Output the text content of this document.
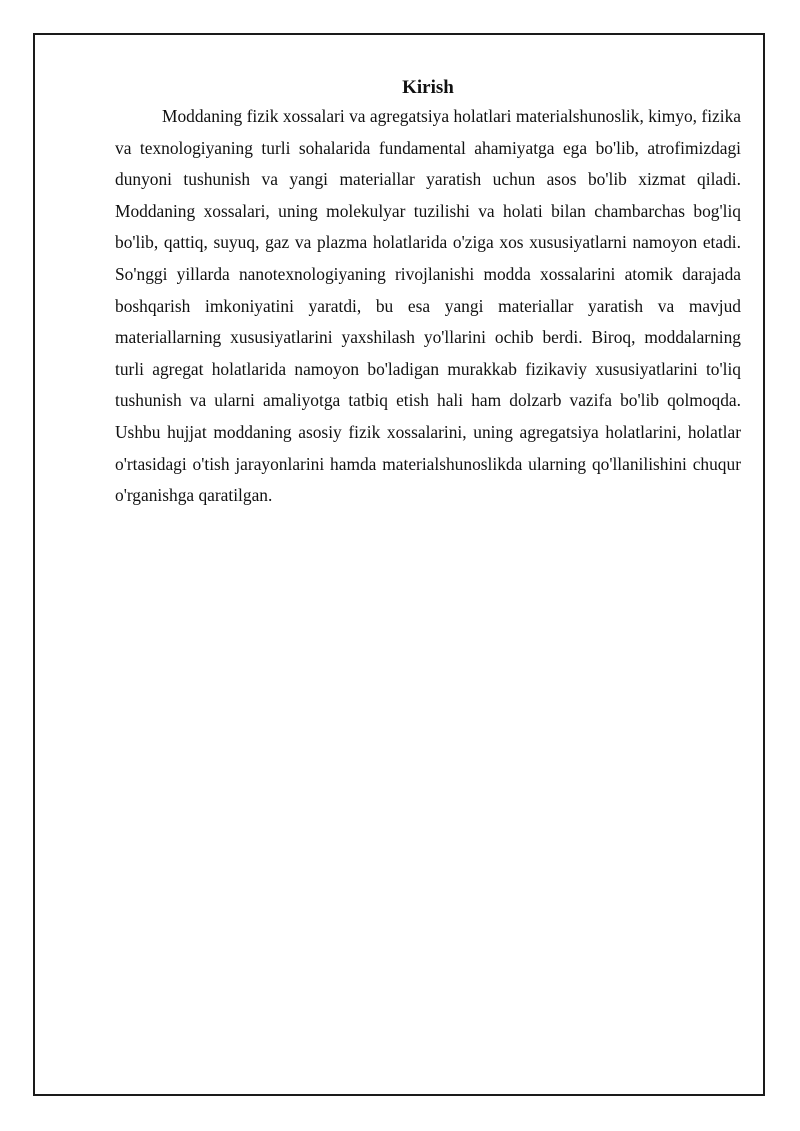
Kirish

Moddaning fizik xossalari va agregatsiya holatlari materialshunoslik, kimyo, fizika va texnologiyaning turli sohalarida fundamental ahamiyatga ega bo'lib, atrofimizdagi dunyoni tushunish va yangi materiallar yaratish uchun asos bo'lib xizmat qiladi. Moddaning xossalari, uning molekulyar tuzilishi va holati bilan chambarchas bog'liq bo'lib, qattiq, suyuq, gaz va plazma holatlarida o'ziga xos xususiyatlarni namoyon etadi. So'nggi yillarda nanotexnologiyaning rivojlanishi modda xossalarini atomik darajada boshqarish imkoniyatini yaratdi, bu esa yangi materiallar yaratish va mavjud materiallarning xususiyatlarini yaxshilash yo'llarini ochib berdi. Biroq, moddalarning turli agregat holatlarida namoyon bo'ladigan murakkab fizikaviy xususiyatlarini to'liq tushunish va ularni amaliyotga tatbiq etish hali ham dolzarb vazifa bo'lib qolmoqda. Ushbu hujjat moddaning asosiy fizik xossalarini, uning agregatsiya holatlarini, holatlar o'rtasidagi o'tish jarayonlarini hamda materialshunoslikda ularning qo'llanilishini chuqur o'rganishga qaratilgan.
